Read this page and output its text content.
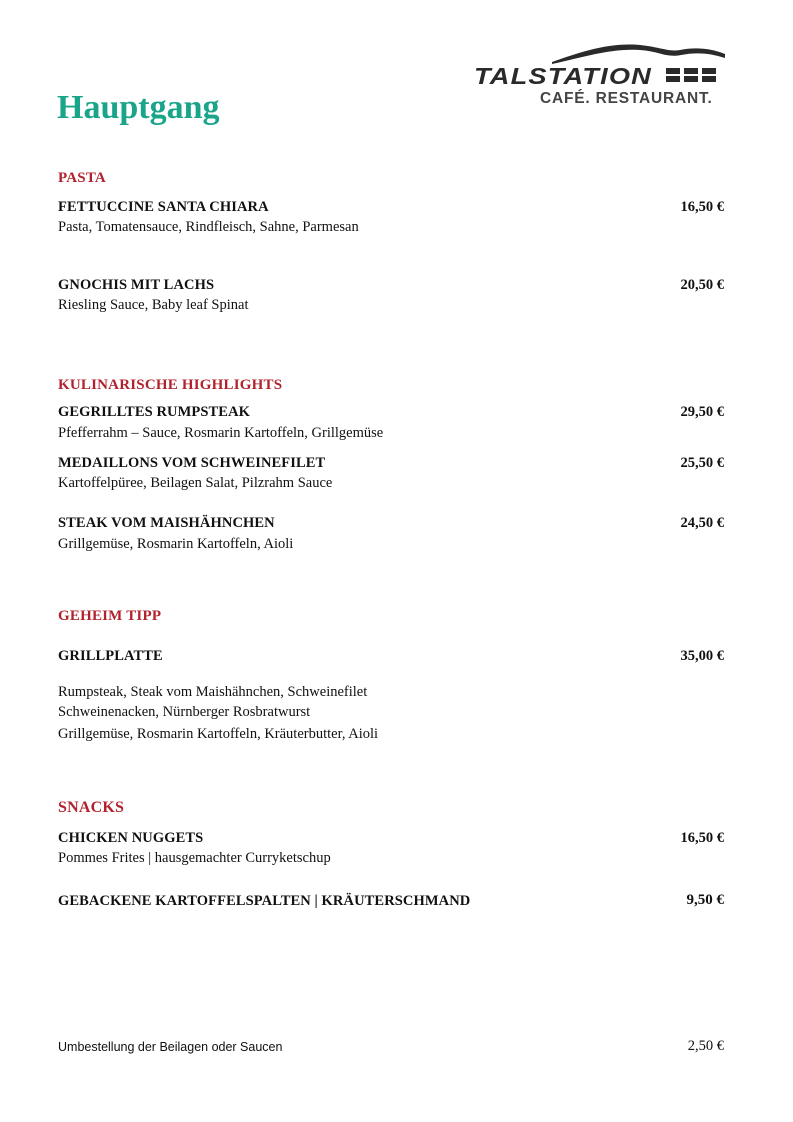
TALSTATION
CAFÉ. RESTAURANT.
Hauptgang
PASTA
FETTUCCINE SANTA CHIARA	16,50 €
Pasta, Tomatensauce, Rindfleisch, Sahne, Parmesan
GNOCHIS MIT LACHS	20,50 €
Riesling Sauce, Baby leaf Spinat
KULINARISCHE HIGHLIGHTS
GEGRILLTES RUMPSTEAK	29,50 €
Pfefferrahm – Sauce, Rosmarin Kartoffeln, Grillgemüse
MEDAILLONS VOM SCHWEINEFILET	25,50 €
Kartoffelpüree, Beilagen Salat, Pilzrahm Sauce
STEAK VOM MAISHÄHNCHEN	24,50 €
Grillgemüse, Rosmarin Kartoffeln, Aioli
GEHEIM TIPP
GRILLPLATTE	35,00 €
Rumpsteak, Steak vom Maishähnchen, Schweinefilet
Schweinenacken, Nürnberger Rosbratwurst
Grillgemüse, Rosmarin Kartoffeln, Kräuterbutter, Aioli
SNACKS
CHICKEN NUGGETS	16,50 €
Pommes Frites | hausgemachter Curryketschup
GEBACKENE KARTOFFELSPALTEN | KRÄUTERSCHMAND	9,50 €
Umbestellung der Beilagen oder Saucen	2,50 €
